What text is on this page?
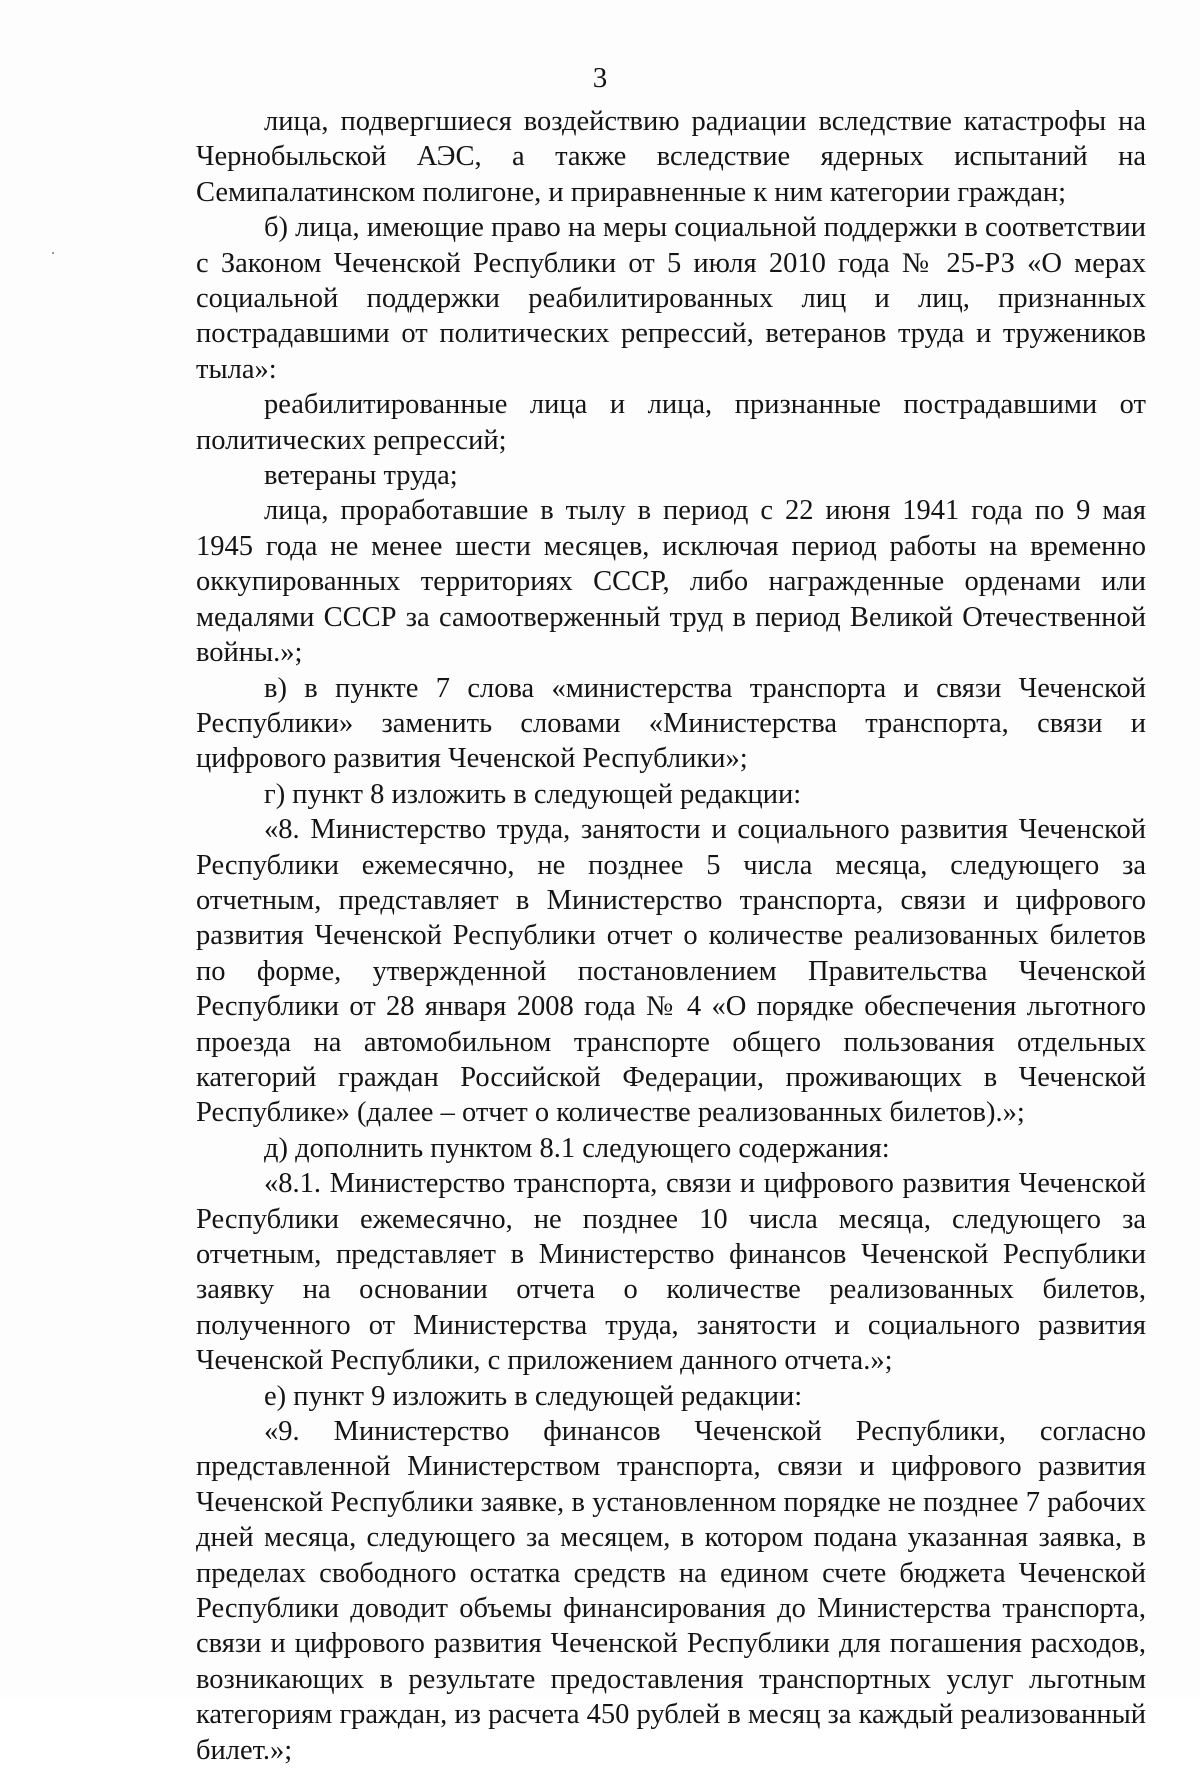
3

лица, подвергшиеся воздействию радиации вследствие катастрофы на Чернобыльской АЭС, а также вследствие ядерных испытаний на Семипалатинском полигоне, и приравненные к ним категории граждан;

б) лица, имеющие право на меры социальной поддержки в соответствии с Законом Чеченской Республики от 5 июля 2010 года № 25-РЗ «О мерах социальной поддержки реабилитированных лиц и лиц, признанных пострадавшими от политических репрессий, ветеранов труда и тружеников тыла»:

реабилитированные лица и лица, признанные пострадавшими от политических репрессий;

ветераны труда;

лица, проработавшие в тылу в период с 22 июня 1941 года по 9 мая 1945 года не менее шести месяцев, исключая период работы на временно оккупированных территориях СССР, либо награжденные орденами или медалями СССР за самоотверженный труд в период Великой Отечественной войны.»;

в) в пункте 7 слова «министерства транспорта и связи Чеченской Республики» заменить словами «Министерства транспорта, связи и цифрового развития Чеченской Республики»;

г) пункт 8 изложить в следующей редакции:

«8. Министерство труда, занятости и социального развития Чеченской Республики ежемесячно, не позднее 5 числа месяца, следующего за отчетным, представляет в Министерство транспорта, связи и цифрового развития Чеченской Республики отчет о количестве реализованных билетов по форме, утвержденной постановлением Правительства Чеченской Республики от 28 января 2008 года № 4 «О порядке обеспечения льготного проезда на автомобильном транспорте общего пользования отдельных категорий граждан Российской Федерации, проживающих в Чеченской Республике» (далее – отчет о количестве реализованных билетов).»;

д) дополнить пунктом 8.1 следующего содержания:

«8.1. Министерство транспорта, связи и цифрового развития Чеченской Республики ежемесячно, не позднее 10 числа месяца, следующего за отчетным, представляет в Министерство финансов Чеченской Республики заявку на основании отчета о количестве реализованных билетов, полученного от Министерства труда, занятости и социального развития Чеченской Республики, с приложением данного отчета.»;

е) пункт 9 изложить в следующей редакции:

«9. Министерство финансов Чеченской Республики, согласно представленной Министерством транспорта, связи и цифрового развития Чеченской Республики заявке, в установленном порядке не позднее 7 рабочих дней месяца, следующего за месяцем, в котором подана указанная заявка, в пределах свободного остатка средств на едином счете бюджета Чеченской Республики доводит объемы финансирования до Министерства транспорта, связи и цифрового развития Чеченской Республики для погашения расходов, возникающих в результате предоставления транспортных услуг льготным категориям граждан, из расчета 450 рублей в месяц за каждый реализованный билет.»;
